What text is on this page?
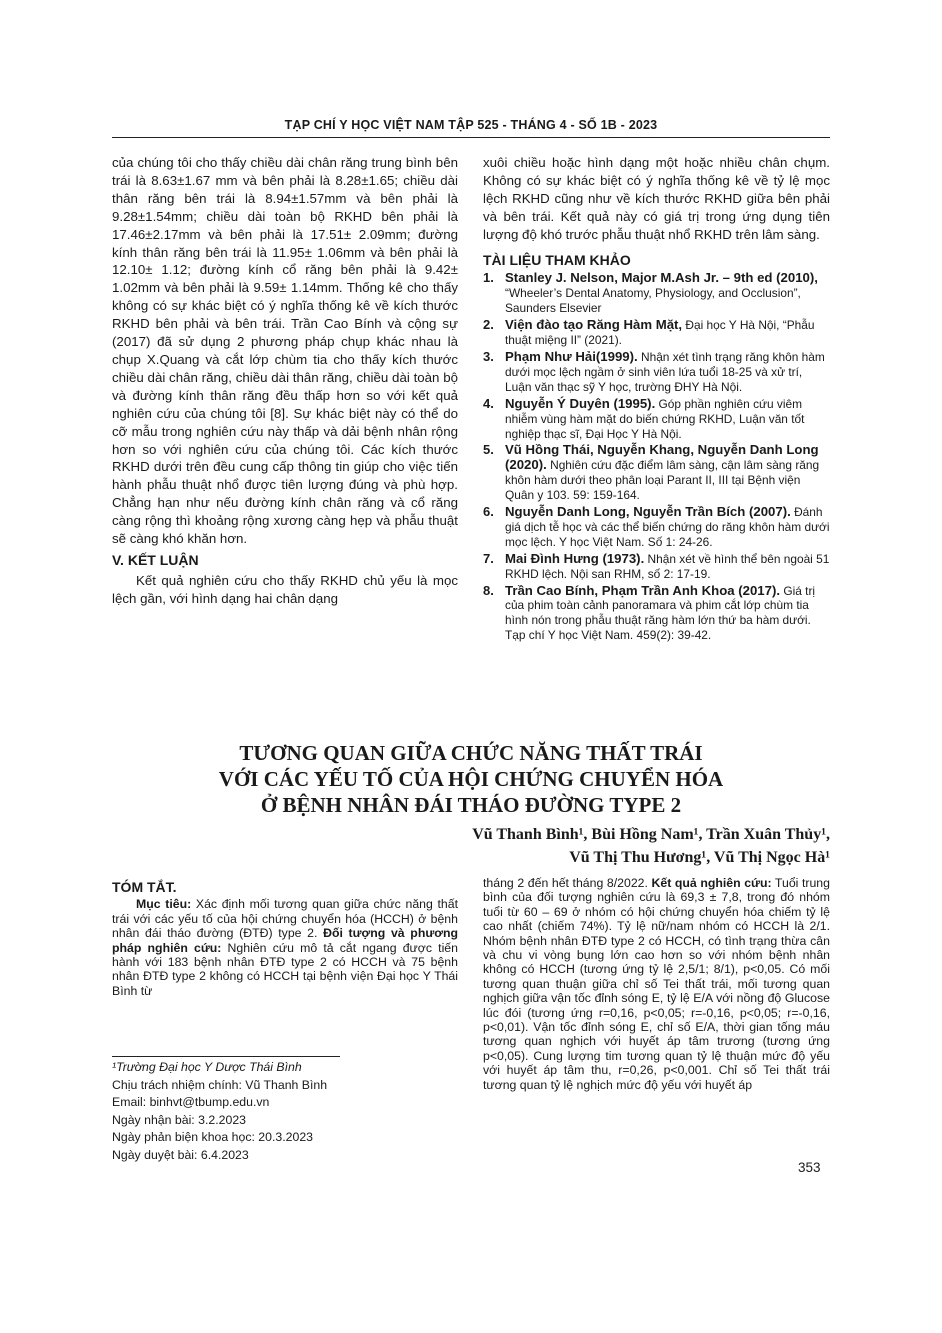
TẠP CHÍ Y HỌC VIỆT NAM TẬP 525 - THÁNG 4 - SỐ 1B - 2023

của chúng tôi cho thấy chiều dài chân răng trung bình bên trái là 8.63±1.67 mm và bên phải là 8.28±1.65; chiều dài thân răng bên trái là 8.94±1.57mm và bên phải là 9.28±1.54mm; chiều dài toàn bộ RKHD bên phải là 17.46±2.17mm và bên phải là 17.51± 2.09mm; đường kính thân răng bên trái là 11.95± 1.06mm và bên phải là 12.10± 1.12; đường kính cổ răng bên phải là 9.42± 1.02mm và bên phải là 9.59± 1.14mm. Thống kê cho thấy không có sự khác biệt có ý nghĩa thống kê về kích thước RKHD bên phải và bên trái. Trần Cao Bính và cộng sự (2017) đã sử dụng 2 phương pháp chụp khác nhau là chụp X.Quang và cắt lớp chùm tia cho thấy kích thước chiều dài chân răng, chiều dài thân răng, chiều dài toàn bộ và đường kính thân răng đều thấp hơn so với kết quả nghiên cứu của chúng tôi [8]. Sự khác biệt này có thể do cỡ mẫu trong nghiên cứu này thấp và dải bệnh nhân rộng hơn so với nghiên cứu của chúng tôi. Các kích thước RKHD dưới trên đều cung cấp thông tin giúp cho việc tiến hành phẫu thuật nhổ được tiên lượng đúng và phù hợp. Chẳng hạn như nếu đường kính chân răng và cổ răng càng rộng thì khoảng rộng xương càng hẹp và phẫu thuật sẽ càng khó khăn hơn.

V. KẾT LUẬN

Kết quả nghiên cứu cho thấy RKHD chủ yếu là mọc lệch gần, với hình dạng hai chân dạng

xuôi chiều hoặc hình dạng một hoặc nhiều chân chụm. Không có sự khác biệt có ý nghĩa thống kê về tỷ lệ mọc lệch RKHD cũng như về kích thước RKHD giữa bên phải và bên trái. Kết quả này có giá trị trong ứng dụng tiên lượng độ khó trước phẫu thuật nhổ RKHD trên lâm sàng.

TÀI LIỆU THAM KHẢO
1. Stanley J. Nelson, Major M.Ash Jr. – 9th ed (2010), “Wheeler’s Dental Anatomy, Physiology, and Occlusion”, Saunders Elsevier
2. Viện đào tạo Răng Hàm Mặt, Đại học Y Hà Nội, “Phẫu thuật miệng II” (2021).
3. Phạm Như Hải(1999). Nhận xét tình trạng răng khôn hàm dưới mọc lệch ngầm ở sinh viên lứa tuổi 18-25 và xử trí, Luận văn thạc sỹ Y học, trường ĐHY Hà Nội.
4. Nguyễn Ý Duyên (1995). Góp phần nghiên cứu viêm nhiễm vùng hàm mặt do biến chứng RKHD, Luận văn tốt nghiệp thạc sĩ, Đại Học Y Hà Nội.
5. Vũ Hồng Thái, Nguyễn Khang, Nguyễn Danh Long (2020). Nghiên cứu đặc điểm lâm sàng, cận lâm sàng răng khôn hàm dưới theo phân loại Parant II, III tại Bệnh viện Quân y 103. 59: 159-164.
6. Nguyễn Danh Long, Nguyễn Trần Bích (2007). Đánh giá dịch tễ học và các thể biến chứng do răng khôn hàm dưới mọc lệch. Y học Việt Nam. Số 1: 24-26.
7. Mai Đình Hưng (1973). Nhận xét về hình thể bên ngoài 51 RKHD lệch. Nội san RHM, số 2: 17-19.
8. Trần Cao Bính, Phạm Trần Anh Khoa (2017). Giá trị của phim toàn cảnh panoramara và phim cắt lớp chùm tia hình nón trong phẫu thuật răng hàm lớn thứ ba hàm dưới. Tạp chí Y học Việt Nam. 459(2): 39-42.
TƯƠNG QUAN GIỮA CHỨC NĂNG THẤT TRÁI
VỚI CÁC YẾU TỐ CỦA HỘI CHỨNG CHUYỂN HÓA
Ở BỆNH NHÂN ĐÁI THÁO ĐƯỜNG TYPE 2
Vũ Thanh Bình¹, Bùi Hồng Nam¹, Trần Xuân Thủy¹,
Vũ Thị Thu Hương¹, Vũ Thị Ngọc Hà¹
TÓM TẮT.

Mục tiêu: Xác định mối tương quan giữa chức năng thất trái với các yếu tố của hội chứng chuyển hóa (HCCH) ở bệnh nhân đái tháo đường (ĐTĐ) type 2. Đối tượng và phương pháp nghiên cứu: Nghiên cứu mô tả cắt ngang được tiến hành với 183 bệnh nhân ĐTĐ type 2 có HCCH và 75 bệnh nhân ĐTĐ type 2 không có HCCH tại bệnh viện Đại học Y Thái Bình từ

tháng 2 đến hết tháng 8/2022. Kết quả nghiên cứu: Tuổi trung bình của đối tượng nghiên cứu là 69,3 ± 7,8, trong đó nhóm tuổi từ 60 – 69 ở nhóm có hội chứng chuyển hóa chiếm tỷ lệ cao nhất (chiếm 74%). Tỷ lệ nữ/nam nhóm có HCCH là 2/1. Nhóm bệnh nhân ĐTĐ type 2 có HCCH, có tình trạng thừa cân và chu vi vòng bụng lớn cao hơn so với nhóm bệnh nhân không có HCCH (tương ứng tỷ lệ 2,5/1; 8/1), p<0,05. Có mối tương quan thuận giữa chỉ số Tei thất trái, mối tương quan nghịch giữa vận tốc đỉnh sóng E, tỷ lệ E/A với nồng độ Glucose lúc đói (tương ứng r=0,16, p<0,05; r=-0,16, p<0,05; r=-0,16, p<0,01). Vận tốc đỉnh sóng E, chỉ số E/A, thời gian tống máu tương quan nghịch với huyết áp tâm trương (tương ứng p<0,05). Cung lượng tim tương quan tỷ lệ thuận mức độ yếu với huyết áp tâm thu, r=0,26, p<0,001. Chỉ số Tei thất trái tương quan tỷ lệ nghịch mức độ yếu với huyết áp

¹Trường Đại học Y Dược Thái Bình
Chịu trách nhiệm chính: Vũ Thanh Bình
Email: binhvt@tbump.edu.vn
Ngày nhận bài: 3.2.2023
Ngày phản biện khoa học: 20.3.2023
Ngày duyệt bài: 6.4.2023
353
